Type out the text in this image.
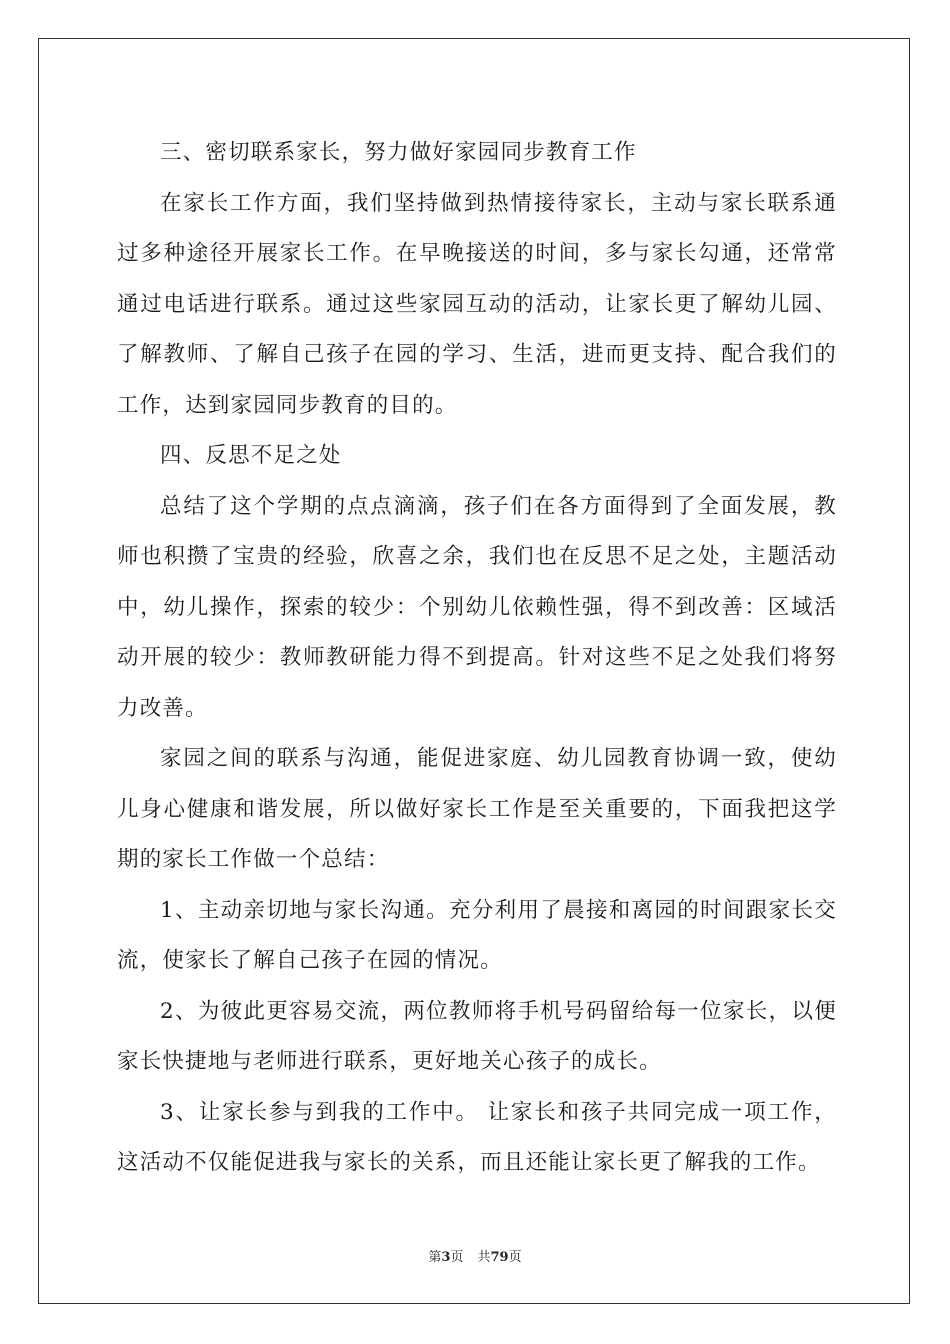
三、密切联系家长，努力做好家园同步教育工作

在家长工作方面，我们坚持做到热情接待家长，主动与家长联系通过多种途径开展家长工作。在早晚接送的时间，多与家长勾通，还常常通过电话进行联系。通过这些家园互动的活动，让家长更了解幼儿园、了解教师、了解自己孩子在园的学习、生活，进而更支持、配合我们的工作，达到家园同步教育的目的。

四、反思不足之处

总结了这个学期的点点滴滴，孩子们在各方面得到了全面发展，教师也积攒了宝贵的经验，欣喜之余，我们也在反思不足之处，主题活动中，幼儿操作，探索的较少：个别幼儿依赖性强，得不到改善：区域活动开展的较少：教师教研能力得不到提高。针对这些不足之处我们将努力改善。

家园之间的联系与沟通，能促进家庭、幼儿园教育协调一致，使幼儿身心健康和谐发展，所以做好家长工作是至关重要的，下面我把这学期的家长工作做一个总结：

1、主动亲切地与家长沟通。充分利用了晨接和离园的时间跟家长交流，使家长了解自己孩子在园的情况。

2、为彼此更容易交流，两位教师将手机号码留给每一位家长，以便家长快捷地与老师进行联系，更好地关心孩子的成长。

3、让家长参与到我的工作中。 让家长和孩子共同完成一项工作，这活动不仅能促进我与家长的关系，而且还能让家长更了解我的工作。

第3页 共79页
